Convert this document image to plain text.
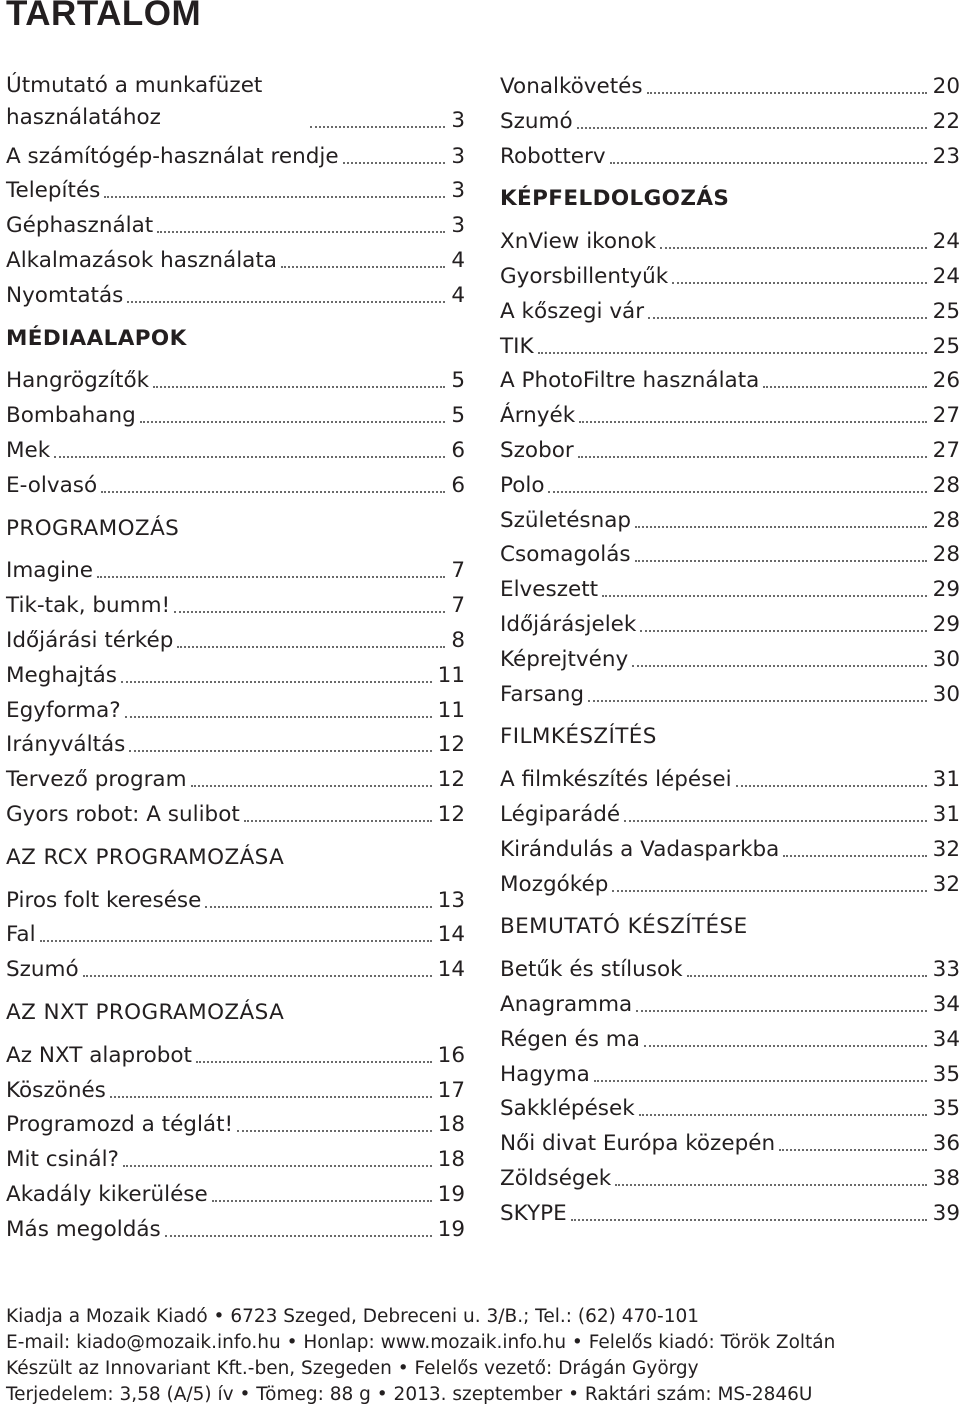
TARTALOM
Útmutató a munkafüzet használatához	3
A számítógép-használat rendje	3
Telepítés	3
Géphasználat	3
Alkalmazások használata	4
Nyomtatás	4
MÉDIAALAPOK
Hangrögzítők	5
Bombahang	5
Mek	6
E-olvasó	6
PROGRAMOZÁS
Imagine	7
Tik-tak, bumm!	7
Időjárási térkép	8
Meghajtás	11
Egyforma?	11
Irányváltás	12
Tervező program	12
Gyors robot: A sulibot	12
AZ RCX PROGRAMOZÁSA
Piros folt keresése	13
Fal	14
Szumó	14
AZ NXT PROGRAMOZÁSA
Az NXT alaprobot	16
Köszönés	17
Programozd a téglát!	18
Mit csinál?	18
Akadály kikerülése	19
Más megoldás	19
Vonalkövetés	20
Szumó	22
Robotterv	23
KÉPFELDOLGOZÁS
XnView ikonok	24
Gyorsbillentyűk	24
A kőszegi vár	25
TIK	25
A PhotoFiltre használata	26
Árnyék	27
Szobor	27
Polo	28
Születésnap	28
Csomagolás	28
Elveszett	29
Időjárásjelek	29
Képrejtvény	30
Farsang	30
FILMKÉSZÍTÉS
A filmkészítés lépései	31
Légiparádé	31
Kirándulás a Vadasparkba	32
Mozgókép	32
BEMUTATÓ KÉSZÍTÉSE
Betűk és stílusok	33
Anagramma	34
Régen és ma	34
Hagyma	35
Sakklépések	35
Női divat Európa közepén	36
Zöldségek	38
SKYPE	39
Kiadja a Mozaik Kiadó • 6723 Szeged, Debreceni u. 3/B.; Tel.: (62) 470-101
E-mail: kiado@mozaik.info.hu • Honlap: www.mozaik.info.hu • Felelős kiadó: Török Zoltán
Készült az Innovariant Kft.-ben, Szegeden • Felelős vezető: Drágán György
Terjedelem: 3,58 (A/5) ív • Tömeg: 88 g • 2013. szeptember • Raktári szám: MS-2846U
